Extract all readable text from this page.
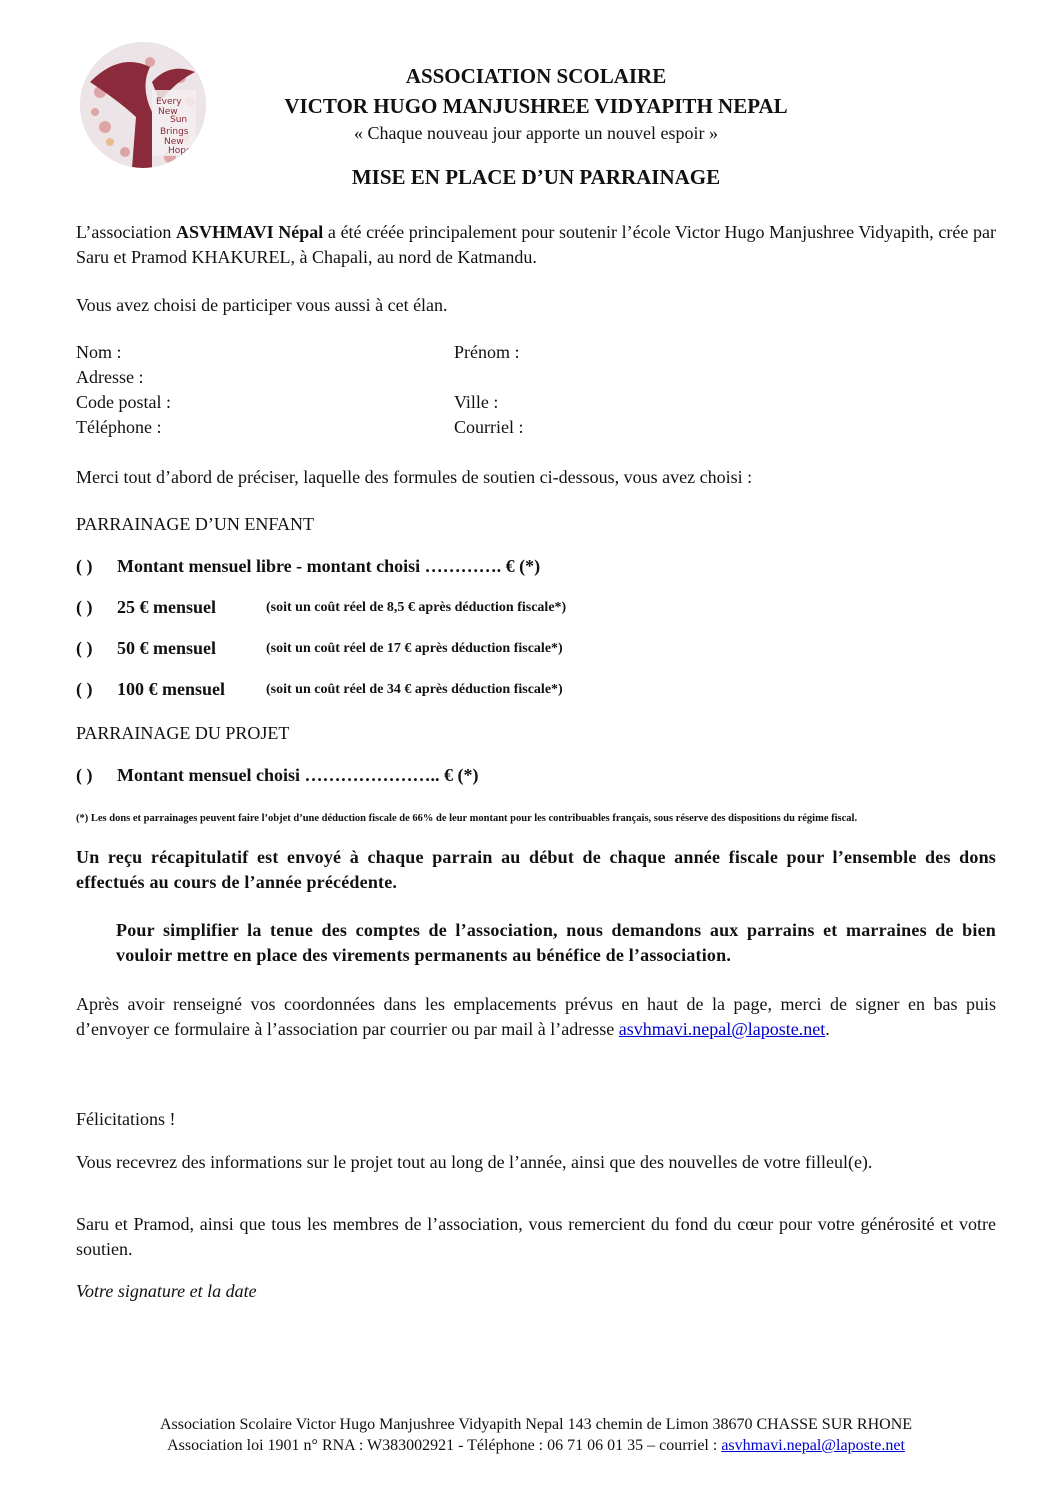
Every
New
Sun
Brings
New
Hope
ASSOCIATION SCOLAIRE
VICTOR HUGO MANJUSHREE VIDYAPITH NEPAL
« Chaque nouveau jour apporte un nouvel espoir »
MISE EN PLACE D’UN PARRAINAGE
L’association ASVHMAVI Népal a été créée principalement pour soutenir l’école Victor Hugo Manjushree Vidyapith, crée par Saru et Pramod KHAKUREL, à Chapali, au nord de Katmandu.
Vous avez choisi de participer vous aussi à cet élan.
Nom :	Prénom :
Adresse :
Code postal :	Ville :
Téléphone :	Courriel :
Merci tout d’abord de préciser, laquelle des formules de soutien ci-dessous, vous avez choisi :
PARRAINAGE D’UN ENFANT
( ) Montant mensuel libre - montant choisi …………. € (*)
( ) 25 € mensuel	(soit un coût réel de 8,5 € après déduction fiscale*)
( ) 50 € mensuel	(soit un coût réel de 17 € après déduction fiscale*)
( ) 100 € mensuel	(soit un coût réel de 34 € après déduction fiscale*)
PARRAINAGE DU PROJET
( ) Montant mensuel choisi ………………….. € (*)
(*) Les dons et parrainages peuvent faire l’objet d’une déduction fiscale de 66% de leur montant pour les contribuables français, sous réserve des dispositions du régime fiscal.
Un reçu récapitulatif est envoyé à chaque parrain au début de chaque année fiscale pour l’ensemble des dons effectués au cours de l’année précédente.
Pour simplifier la tenue des comptes de l’association, nous demandons aux parrains et marraines de bien vouloir mettre en place des virements permanents au bénéfice de l’association.
Après avoir renseigné vos coordonnées dans les emplacements prévus en haut de la page, merci de signer en bas puis d’envoyer ce formulaire à l’association par courrier ou par mail à l’adresse asvhmavi.nepal@laposte.net.
Félicitations !
Vous recevrez des informations sur le projet tout au long de l’année, ainsi que des nouvelles de votre filleul(e).
Saru et Pramod, ainsi que tous les membres de l’association, vous remercient du fond du cœur pour votre générosité et votre soutien.
Votre signature et la date
Association Scolaire Victor Hugo Manjushree Vidyapith Nepal 143 chemin de Limon 38670 CHASSE SUR RHONE
Association loi 1901 n° RNA : W383002921 - Téléphone : 06 71 06 01 35 – courriel : asvhmavi.nepal@laposte.net
